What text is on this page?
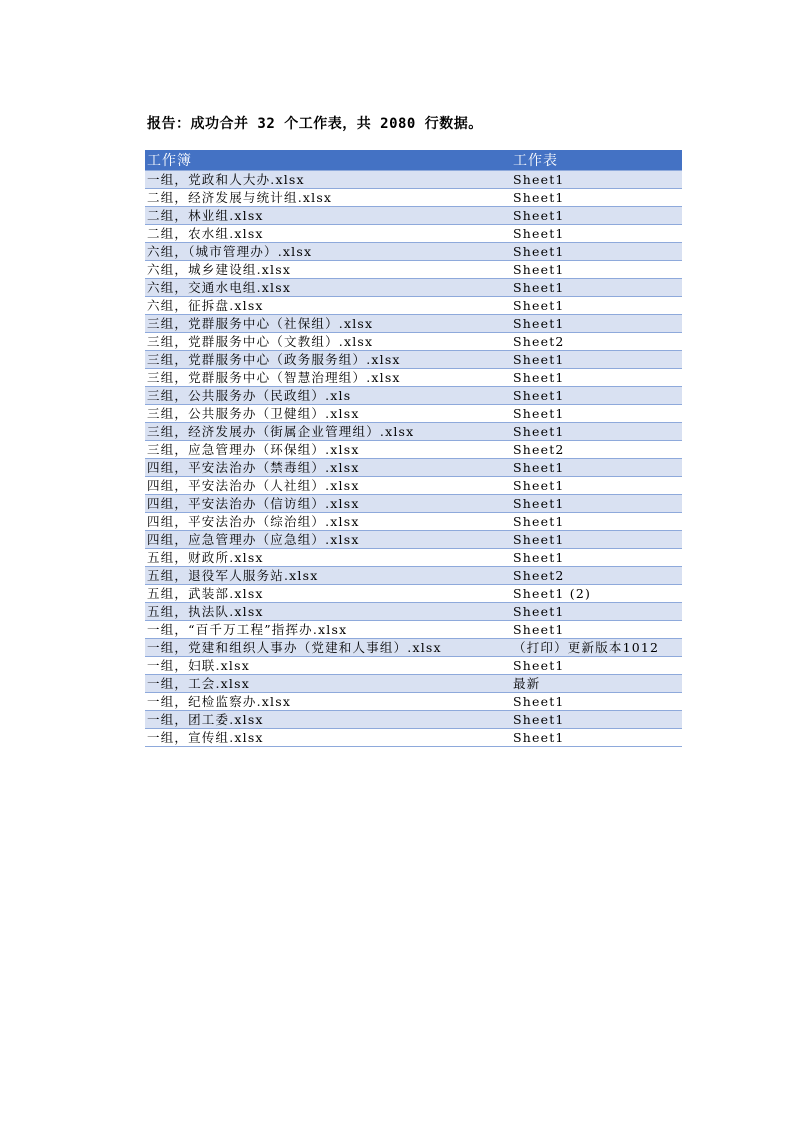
报告：成功合并 32 个工作表，共 2080 行数据。
工作簿	工作表
一组，党政和人大办.xlsx	Sheet1
二组，经济发展与统计组.xlsx	Sheet1
二组，林业组.xlsx	Sheet1
二组，农水组.xlsx	Sheet1
六组，（城市管理办）.xlsx	Sheet1
六组，城乡建设组.xlsx	Sheet1
六组，交通水电组.xlsx	Sheet1
六组，征拆盘.xlsx	Sheet1
三组，党群服务中心（社保组）.xlsx	Sheet1
三组，党群服务中心（文教组）.xlsx	Sheet2
三组，党群服务中心（政务服务组）.xlsx	Sheet1
三组，党群服务中心（智慧治理组）.xlsx	Sheet1
三组，公共服务办（民政组）.xls	Sheet1
三组，公共服务办（卫健组）.xlsx	Sheet1
三组，经济发展办（街属企业管理组）.xlsx	Sheet1
三组，应急管理办（环保组）.xlsx	Sheet2
四组，平安法治办（禁毒组）.xlsx	Sheet1
四组，平安法治办（人社组）.xlsx	Sheet1
四组，平安法治办（信访组）.xlsx	Sheet1
四组，平安法治办（综治组）.xlsx	Sheet1
四组，应急管理办（应急组）.xlsx	Sheet1
五组，财政所.xlsx	Sheet1
五组，退役军人服务站.xlsx	Sheet2
五组，武装部.xlsx	Sheet1 (2)
五组，执法队.xlsx	Sheet1
一组，“百千万工程”指挥办.xlsx	Sheet1
一组，党建和组织人事办（党建和人事组）.xlsx	（打印）更新版本1012
一组，妇联.xlsx	Sheet1
一组，工会.xlsx	最新
一组，纪检监察办.xlsx	Sheet1
一组，团工委.xlsx	Sheet1
一组，宣传组.xlsx	Sheet1
